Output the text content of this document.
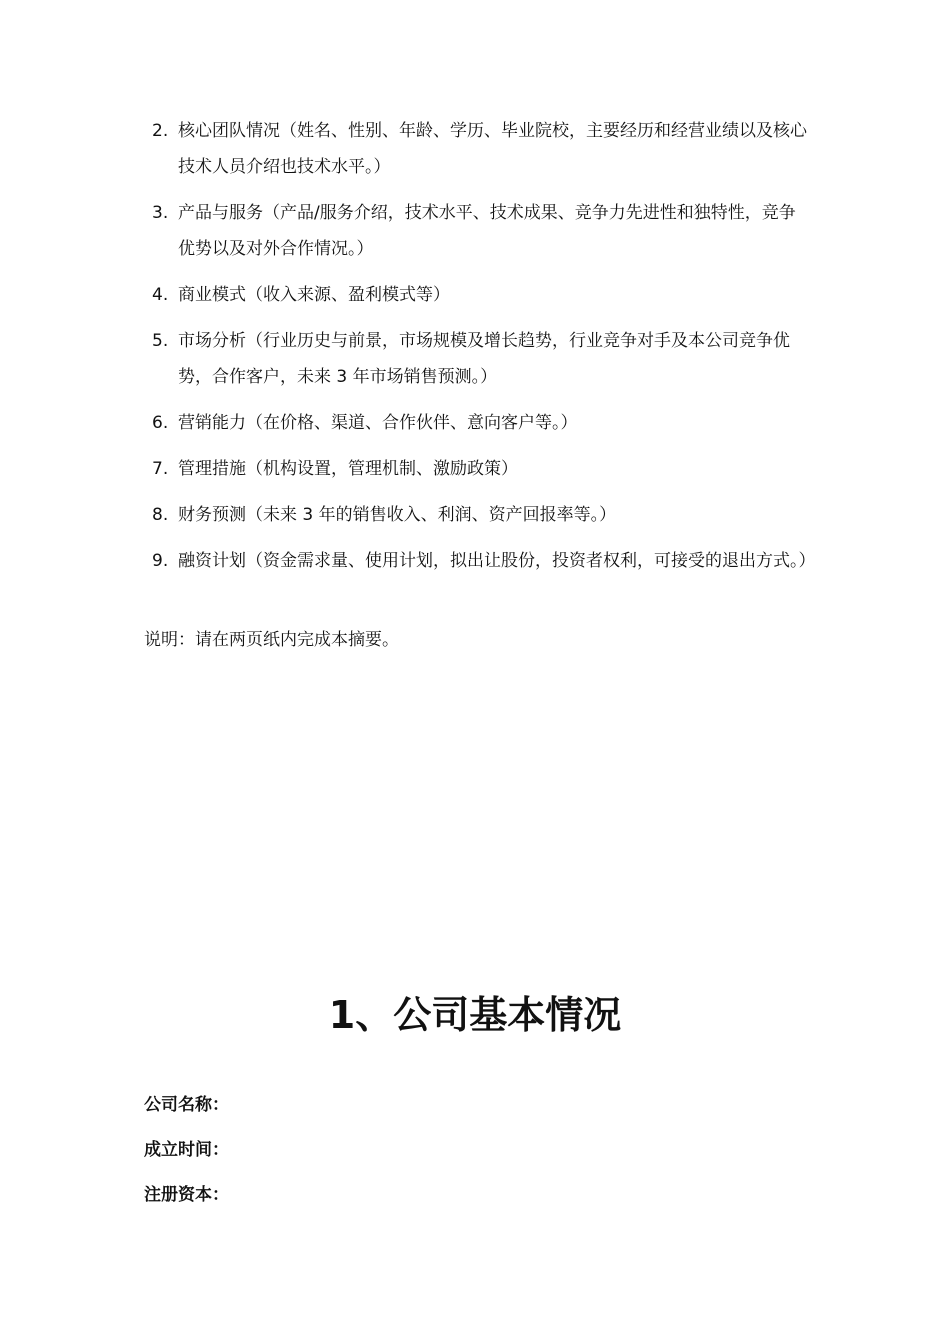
2. 核心团队情况（姓名、性别、年龄、学历、毕业院校，主要经历和经营业绩以及核心技术人员介绍也技术水平。）
3. 产品与服务（产品/服务介绍，技术水平、技术成果、竞争力先进性和独特性，竞争优势以及对外合作情况。）
4. 商业模式（收入来源、盈利模式等）
5. 市场分析（行业历史与前景，市场规模及增长趋势，行业竞争对手及本公司竞争优势，合作客户，未来 3 年市场销售预测。）
6. 营销能力（在价格、渠道、合作伙伴、意向客户等。）
7. 管理措施（机构设置，管理机制、激励政策）
8. 财务预测（未来 3 年的销售收入、利润、资产回报率等。）
9. 融资计划（资金需求量、使用计划，拟出让股份，投资者权利，可接受的退出方式。）

说明：请在两页纸内完成本摘要。

1、公司基本情况
公司名称：
成立时间：
注册资本：
